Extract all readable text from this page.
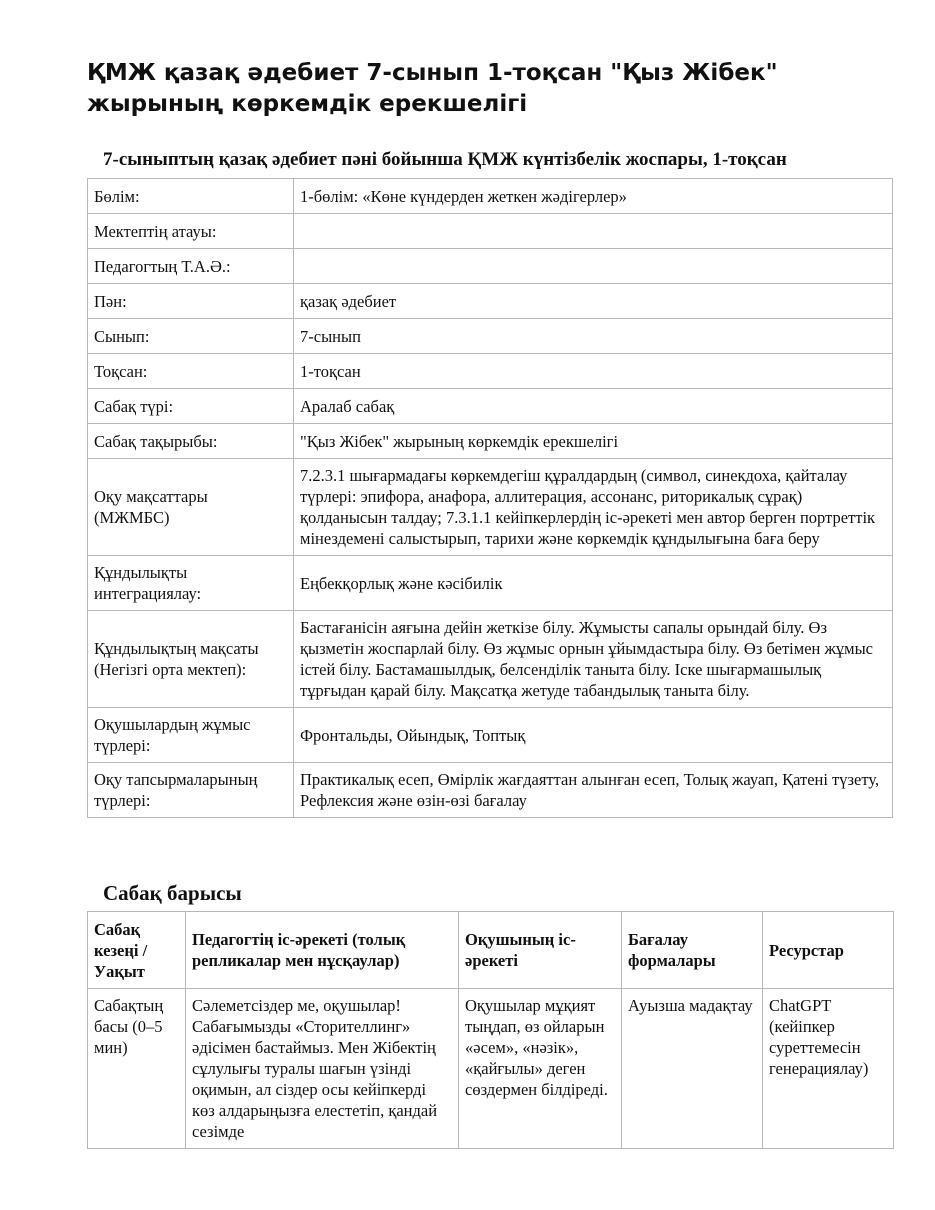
ҚМЖ қазақ әдебиет 7-сынып 1-тоқсан "Қыз Жібек" жырының көркемдік ерекшелігі
7-сыныптың қазақ әдебиет пәні бойынша ҚМЖ күнтізбелік жоспары, 1-тоқсан
Бөлім:	1-бөлім: «Көне күндерден жеткен жәдігерлер»
Мектептің атауы:	
Педагогтың Т.А.Ә.:	
Пән:	қазақ әдебиет
Сынып:	7-сынып
Тоқсан:	1-тоқсан
Сабақ түрі:	Аралаб сабақ
Сабақ тақырыбы:	"Қыз Жібек" жырының көркемдік ерекшелігі
Оқу мақсаттары (МЖМБС)	7.2.3.1 шығармадағы көркемдегіш құралдардың (символ, синекдоха, қайталау түрлері: эпифора, анафора, аллитерация, ассонанс, риторикалық сұрақ) қолданысын талдау; 7.3.1.1 кейіпкерлердің іс-әрекеті мен автор берген портреттік мінездемені салыстырып, тарихи және көркемдік құндылығына баға беру
Құндылықты интеграциялау:	Еңбекқорлық және кәсібилік
Құндылықтың мақсаты (Негізгі орта мектеп):	Бастағанісін аяғына дейін жеткізе білу. Жұмысты сапалы орындай білу. Өз қызметін жоспарлай білу. Өз жұмыс орнын ұйымдастыра білу. Өз бетімен жұмыс істей білу. Бастамашылдық, белсенділік таныта білу. Іске шығармашылық тұрғыдан қарай білу. Мақсатқа жетуде табандылық таныта білу.
Оқушылардың жұмыс түрлері:	Фронтальды, Ойындық, Топтық
Оқу тапсырмаларының түрлері:	Практикалық есеп, Өмірлік жағдаяттан алынған есеп, Толық жауап, Қатені түзету, Рефлексия және өзін-өзі бағалау
Сабақ барысы
Сабақ кезеңі / Уақыт	Педагогтің іс-әрекеті (толық репликалар мен нұсқаулар)	Оқушының іс-әрекеті	Бағалау формалары	Ресурстар
Сабақтың басы (0–5 мин)	Сәлеметсіздер ме, оқушылар! Сабағымызды «Сторителлинг» әдісімен бастаймыз. Мен Жібектің сұлулығы туралы шағын үзінді оқимын, ал сіздер осы кейіпкерді көз алдарыңызға елестетіп, қандай сезімде	Оқушылар мұқият тыңдап, өз ойларын «әсем», «нәзік», «қайғылы» деген сөздермен білдіреді.	Ауызша мадақтау	ChatGPT (кейіпкер суреттемесін генерациялау)
